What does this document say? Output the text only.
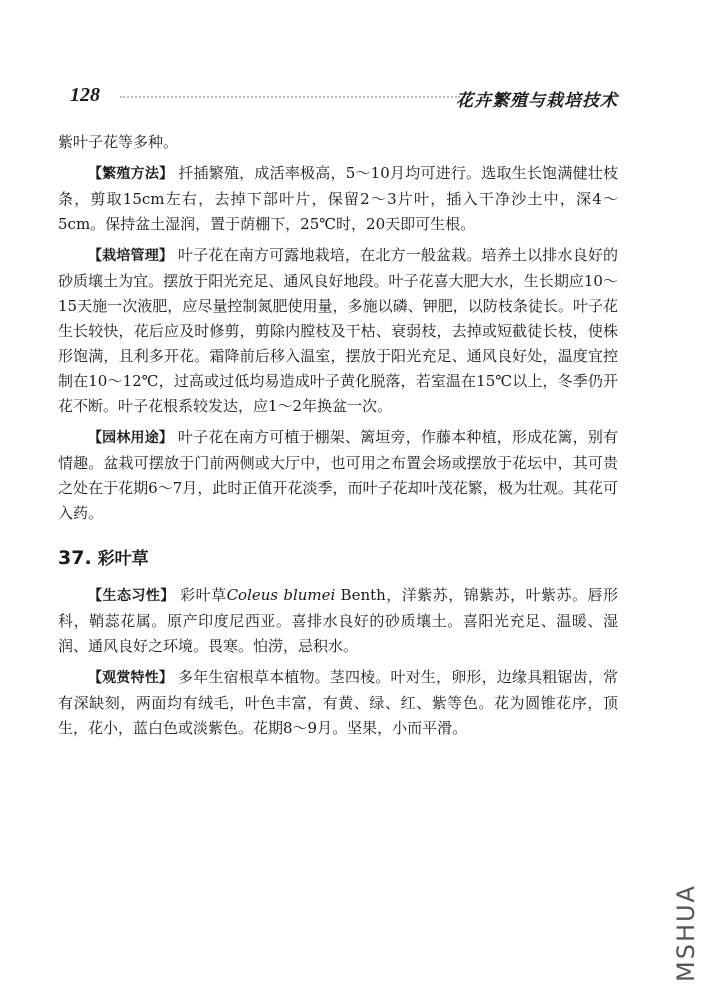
128	花卉繁殖与栽培技术

紫叶子花等多种。

【繁殖方法】 扦插繁殖，成活率极高，5～10月均可进行。选取生长饱满健壮枝条，剪取15cm左右，去掉下部叶片，保留2～3片叶，插入干净沙土中，深4～5cm。保持盆土湿润，置于荫棚下，25℃时，20天即可生根。

【栽培管理】 叶子花在南方可露地栽培，在北方一般盆栽。培养土以排水良好的砂质壤土为宜。摆放于阳光充足、通风良好地段。叶子花喜大肥大水，生长期应10～15天施一次液肥，应尽量控制氮肥使用量，多施以磷、钾肥，以防枝条徒长。叶子花生长较快，花后应及时修剪，剪除内膛枝及干枯、衰弱枝，去掉或短截徒长枝，使株形饱满，且利多开花。霜降前后移入温室，摆放于阳光充足、通风良好处，温度宜控制在10～12℃，过高或过低均易造成叶子黄化脱落，若室温在15℃以上，冬季仍开花不断。叶子花根系较发达，应1～2年换盆一次。

【园林用途】 叶子花在南方可植于棚架、篱垣旁，作藤本种植，形成花篱，别有情趣。盆栽可摆放于门前两侧或大厅中，也可用之布置会场或摆放于花坛中，其可贵之处在于花期6～7月，此时正值开花淡季，而叶子花却叶茂花繁，极为壮观。其花可入药。

37. 彩叶草

【生态习性】 彩叶草Coleus blumei Benth，洋紫苏，锦紫苏，叶紫苏。唇形科，鞘蕊花属。原产印度尼西亚。喜排水良好的砂质壤土。喜阳光充足、温暖、湿润、通风良好之环境。畏寒。怕涝，忌积水。

【观赏特性】 多年生宿根草本植物。茎四棱。叶对生，卵形，边缘具粗锯齿，常有深缺刻，两面均有绒毛，叶色丰富，有黄、绿、红、紫等色。花为圆锥花序，顶生，花小，蓝白色或淡紫色。花期8～9月。坚果，小而平滑。

MSHUA
